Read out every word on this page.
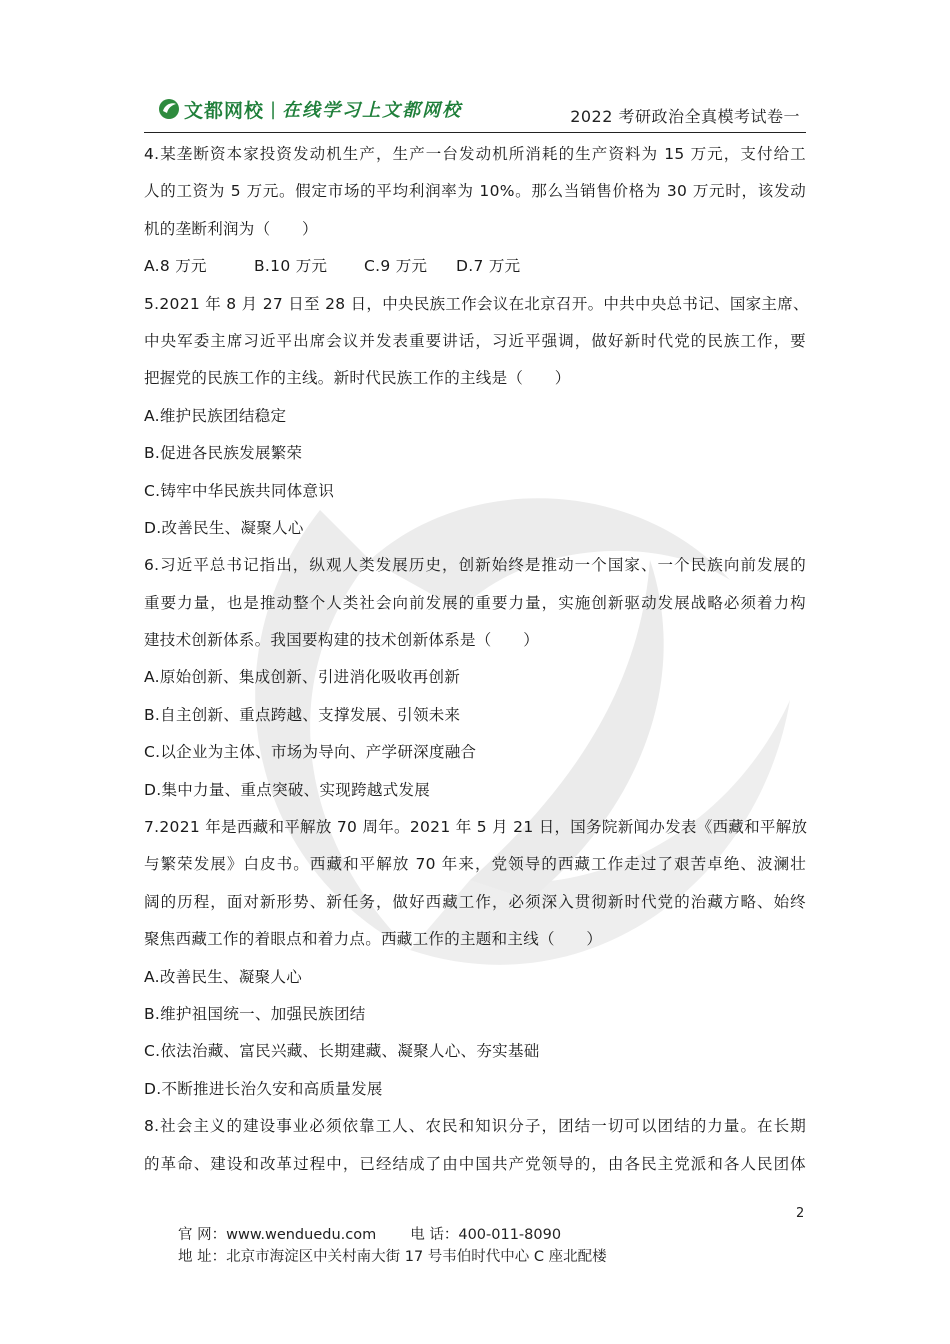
文都网校 | 在线学习上文都网校	2022 考研政治全真模考试卷一
4.某垄断资本家投资发动机生产，生产一台发动机所消耗的生产资料为 15 万元，支付给工
人的工资为 5 万元。假定市场的平均利润率为 10%。那么当销售价格为 30 万元时，该发动
机的垄断利润为（　　）
A.8 万元	B.10 万元	C.9 万元	D.7 万元
5.2021 年 8 月 27 日至 28 日，中央民族工作会议在北京召开。中共中央总书记、国家主席、
中央军委主席习近平出席会议并发表重要讲话，习近平强调，做好新时代党的民族工作，要
把握党的民族工作的主线。新时代民族工作的主线是（　　）
A.维护民族团结稳定
B.促进各民族发展繁荣
C.铸牢中华民族共同体意识
D.改善民生、凝聚人心
6.习近平总书记指出，纵观人类发展历史，创新始终是推动一个国家、一个民族向前发展的
重要力量，也是推动整个人类社会向前发展的重要力量，实施创新驱动发展战略必须着力构
建技术创新体系。我国要构建的技术创新体系是（　　）
A.原始创新、集成创新、引进消化吸收再创新
B.自主创新、重点跨越、支撑发展、引领未来
C.以企业为主体、市场为导向、产学研深度融合
D.集中力量、重点突破、实现跨越式发展
7.2021 年是西藏和平解放 70 周年。2021 年 5 月 21 日，国务院新闻办发表《西藏和平解放
与繁荣发展》白皮书。西藏和平解放 70 年来，党领导的西藏工作走过了艰苦卓绝、波澜壮
阔的历程，面对新形势、新任务，做好西藏工作，必须深入贯彻新时代党的治藏方略、始终
聚焦西藏工作的着眼点和着力点。西藏工作的主题和主线（　　）
A.改善民生、凝聚人心
B.维护祖国统一、加强民族团结
C.依法治藏、富民兴藏、长期建藏、凝聚人心、夯实基础
D.不断推进长治久安和高质量发展
8.社会主义的建设事业必须依靠工人、农民和知识分子，团结一切可以团结的力量。在长期
的革命、建设和改革过程中，已经结成了由中国共产党领导的，由各民主党派和各人民团体
2
官 网：www.wenduedu.com 电 话：400-011-8090
地 址：北京市海淀区中关村南大街 17 号韦伯时代中心 C 座北配楼
